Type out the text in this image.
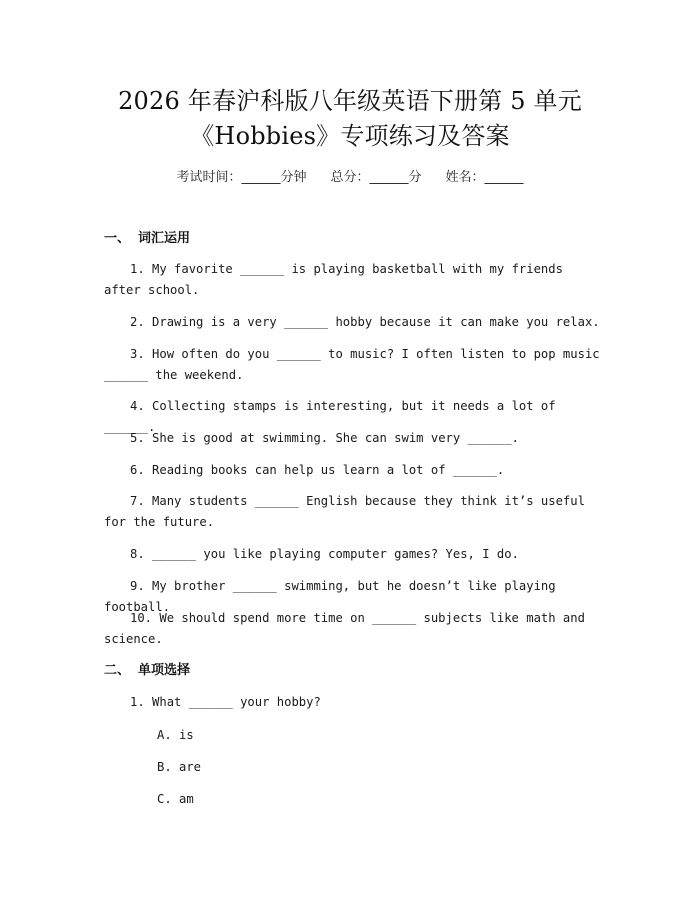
2026 年春沪科版八年级英语下册第 5 单元
《Hobbies》专项练习及答案
考试时间：______分钟 总分：______分 姓名：______
一、 词汇运用
1. My favorite ______ is playing basketball with my friends after school.
2. Drawing is a very ______ hobby because it can make you relax.
3. How often do you ______ to music? I often listen to pop music ______ the weekend.
4. Collecting stamps is interesting, but it needs a lot of ______.
5. She is good at swimming. She can swim very ______.
6. Reading books can help us learn a lot of ______.
7. Many students ______ English because they think it’s useful for the future.
8. ______ you like playing computer games? Yes, I do.
9. My brother ______ swimming, but he doesn’t like playing football.
10. We should spend more time on ______ subjects like math and science.
二、 单项选择
1. What ______ your hobby?
A. is
B. are
C. am
